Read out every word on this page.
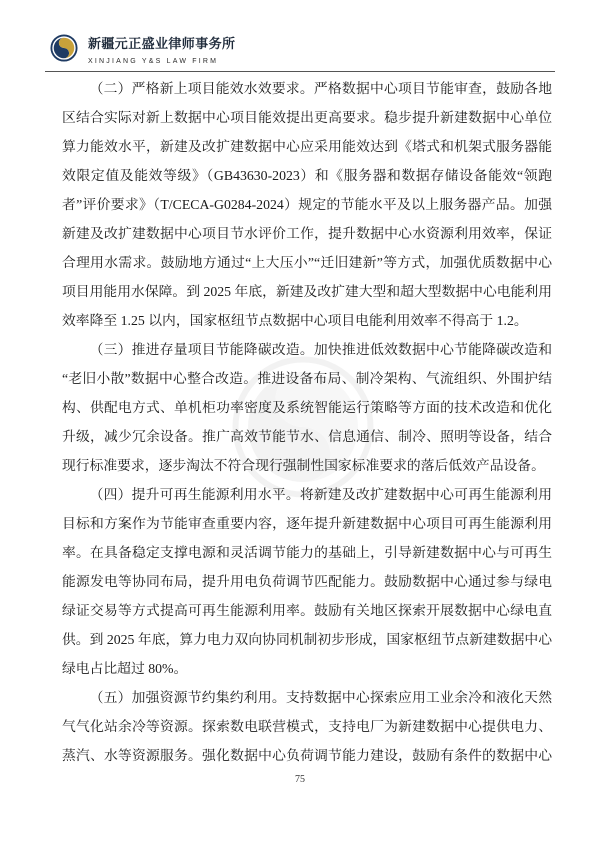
新疆元正盛业律师事务所
XINJIANG Y&S LAW FIRM
（二）严格新上项目能效水效要求。严格数据中心项目节能审查，鼓励各地
区结合实际对新上数据中心项目能效提出更高要求。稳步提升新建数据中心单位
算力能效水平，新建及改扩建数据中心应采用能效达到《塔式和机架式服务器能
效限定值及能效等级》（GB43630-2023）和《服务器和数据存储设备能效“领跑
者”评价要求》（T/CECA-G0284-2024）规定的节能水平及以上服务器产品。加强
新建及改扩建数据中心项目节水评价工作，提升数据中心水资源利用效率，保证
合理用水需求。鼓励地方通过“上大压小”“迁旧建新”等方式，加强优质数据中心
项目用能用水保障。到 2025 年底，新建及改扩建大型和超大型数据中心电能利用
效率降至 1.25 以内，国家枢纽节点数据中心项目电能利用效率不得高于 1.2。
（三）推进存量项目节能降碳改造。加快推进低效数据中心节能降碳改造和
“老旧小散”数据中心整合改造。推进设备布局、制冷架构、气流组织、外围护结
构、供配电方式、单机柜功率密度及系统智能运行策略等方面的技术改造和优化
升级，减少冗余设备。推广高效节能节水、信息通信、制冷、照明等设备，结合
现行标准要求，逐步淘汰不符合现行强制性国家标准要求的落后低效产品设备。
（四）提升可再生能源利用水平。将新建及改扩建数据中心可再生能源利用
目标和方案作为节能审查重要内容，逐年提升新建数据中心项目可再生能源利用
率。在具备稳定支撑电源和灵活调节能力的基础上，引导新建数据中心与可再生
能源发电等协同布局，提升用电负荷调节匹配能力。鼓励数据中心通过参与绿电
绿证交易等方式提高可再生能源利用率。鼓励有关地区探索开展数据中心绿电直
供。到 2025 年底，算力电力双向协同机制初步形成，国家枢纽节点新建数据中心
绿电占比超过 80%。
（五）加强资源节约集约利用。支持数据中心探索应用工业余冷和液化天然
气气化站余冷等资源。探索数电联营模式，支持电厂为新建数据中心提供电力、
蒸汽、水等资源服务。强化数据中心负荷调节能力建设，鼓励有条件的数据中心
75
